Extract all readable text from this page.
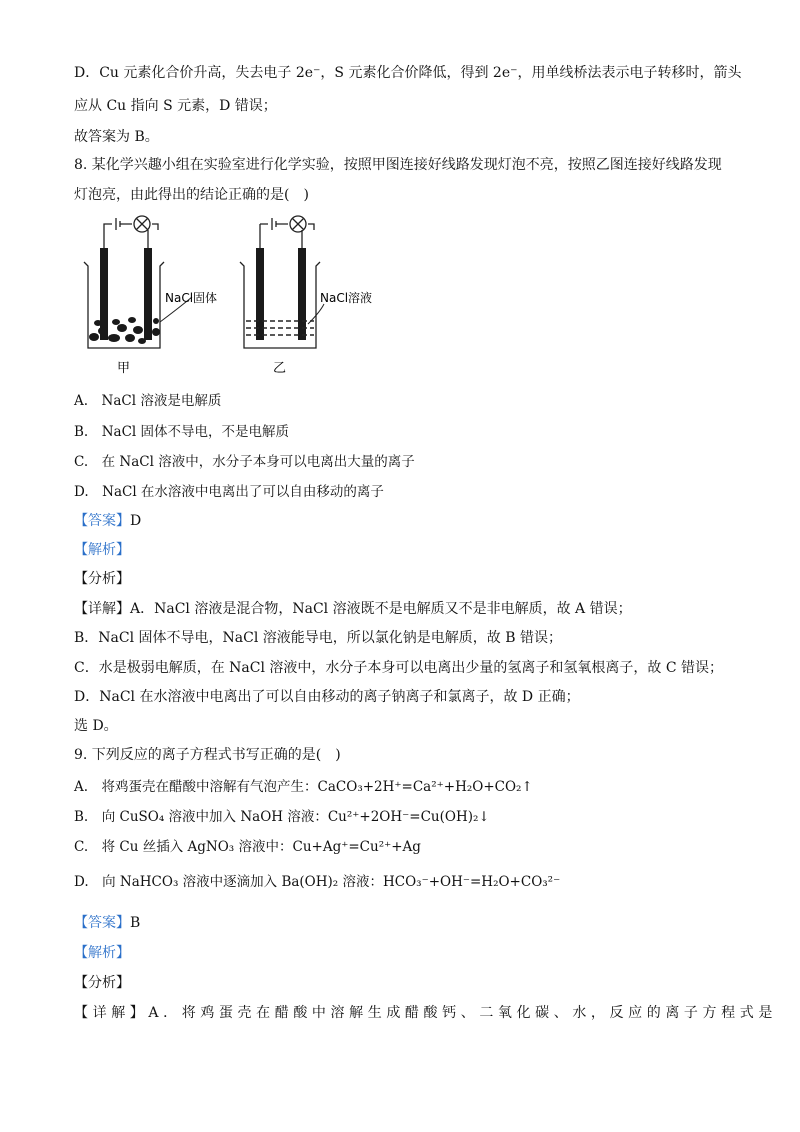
D．Cu 元素化合价升高，失去电子 2e⁻，S 元素化合价降低，得到 2e⁻，用单线桥法表示电子转移时，箭头
应从 Cu 指向 S 元素，D 错误；
故答案为 B。
8. 某化学兴趣小组在实验室进行化学实验，按照甲图连接好线路发现灯泡不亮，按照乙图连接好线路发现
灯泡亮，由此得出的结论正确的是(　)
NaCl固体
甲
NaCl溶液
乙
A.　NaCl 溶液是电解质
B.　NaCl 固体不导电，不是电解质
C.　在 NaCl 溶液中，水分子本身可以电离出大量的离子
D.　NaCl 在水溶液中电离出了可以自由移动的离子
【答案】D
【解析】
【分析】
【详解】A．NaCl 溶液是混合物，NaCl 溶液既不是电解质又不是非电解质，故 A 错误；
B．NaCl 固体不导电，NaCl 溶液能导电，所以氯化钠是电解质，故 B 错误；
C．水是极弱电解质，在 NaCl 溶液中，水分子本身可以电离出少量的氢离子和氢氧根离子，故 C 错误；
D．NaCl 在水溶液中电离出了可以自由移动的离子钠离子和氯离子，故 D 正确；
选 D。
9. 下列反应的离子方程式书写正确的是(　)
A.　将鸡蛋壳在醋酸中溶解有气泡产生：CaCO₃+2H⁺=Ca²⁺+H₂O+CO₂↑
B.　向 CuSO₄ 溶液中加入 NaOH 溶液：Cu²⁺+2OH⁻=Cu(OH)₂↓
C.　将 Cu 丝插入 AgNO₃ 溶液中：Cu+Ag⁺=Cu²⁺+Ag
D.　向 NaHCO₃ 溶液中逐滴加入 Ba(OH)₂ 溶液：HCO₃⁻+OH⁻=H₂O+CO₃²⁻
【答案】B
【解析】
【分析】
【详解】A．将鸡蛋壳在醋酸中溶解生成醋酸钙、二氧化碳、水，反应的离子方程式是
